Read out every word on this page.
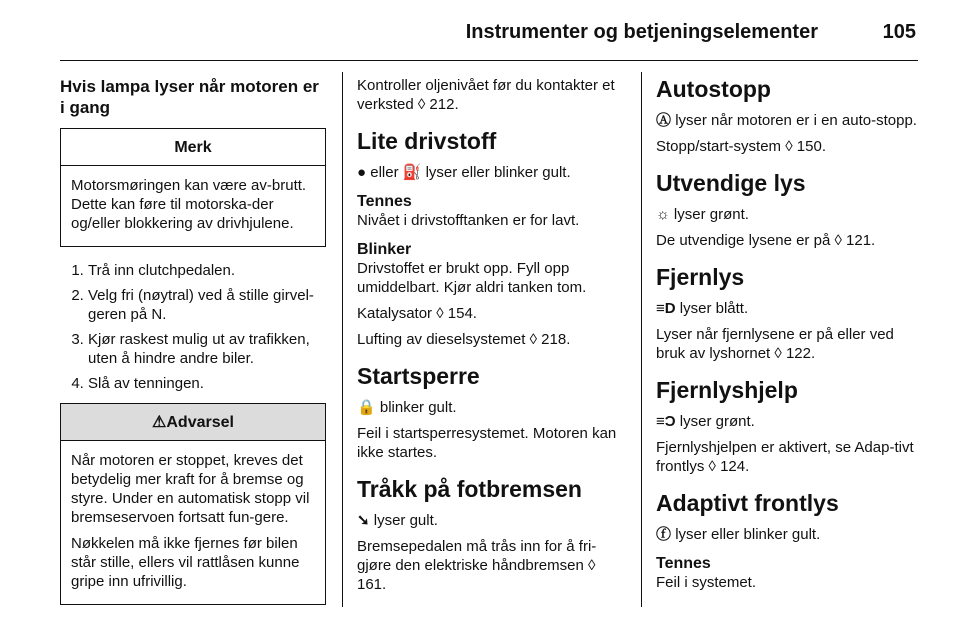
Instrumenter og betjeningselementer	105
Hvis lampa lyser når motoren er i gang
Merk

Motorsmøringen kan være av-brutt. Dette kan føre til motorska-der og/eller blokkering av drivhjulene.

1. Trå inn clutchpedalen.
2. Velg fri (nøytral) ved å stille girvel-geren på N.
3. Kjør raskest mulig ut av trafikken, uten å hindre andre biler.
4. Slå av tenningen.
⚠Advarsel

Når motoren er stoppet, kreves det betydelig mer kraft for å bremse og styre. Under en automatisk stopp vil bremseservoen fortsatt fun-gere.

Nøkkelen må ikke fjernes før bilen står stille, ellers vil rattlåsen kunne gripe inn ufrivillig.

Kontroller oljenivået før du kontakter et verksted ◊ 212.

Lite drivstoff

● eller ⛽ lyser eller blinker gult.

Tennes

Nivået i drivstofftanken er for lavt.

Blinker

Drivstoffet er brukt opp. Fyll opp umiddelbart. Kjør aldri tanken tom.

Katalysator ◊ 154.

Lufting av dieselsystemet ◊ 218.

Startsperre

🔒 blinker gult.

Feil i startsperresystemet. Motoren kan ikke startes.

Tråkk på fotbremsen

➘ lyser gult.

Bremsepedalen må trås inn for å fri-gjøre den elektriske håndbremsen ◊ 161.

Autostopp

Ⓐ lyser når motoren er i en auto-stopp.

Stopp/start-system ◊ 150.

Utvendige lys

☼ lyser grønt.

De utvendige lysene er på ◊ 121.

Fjernlys

≡D lyser blått.

Lyser når fjernlysene er på eller ved bruk av lyshornet ◊ 122.

Fjernlyshjelp

≡Ɔ lyser grønt.

Fjernlyshjelpen er aktivert, se Adap-tivt frontlys ◊ 124.

Adaptivt frontlys

ⓕ lyser eller blinker gult.

Tennes

Feil i systemet.
